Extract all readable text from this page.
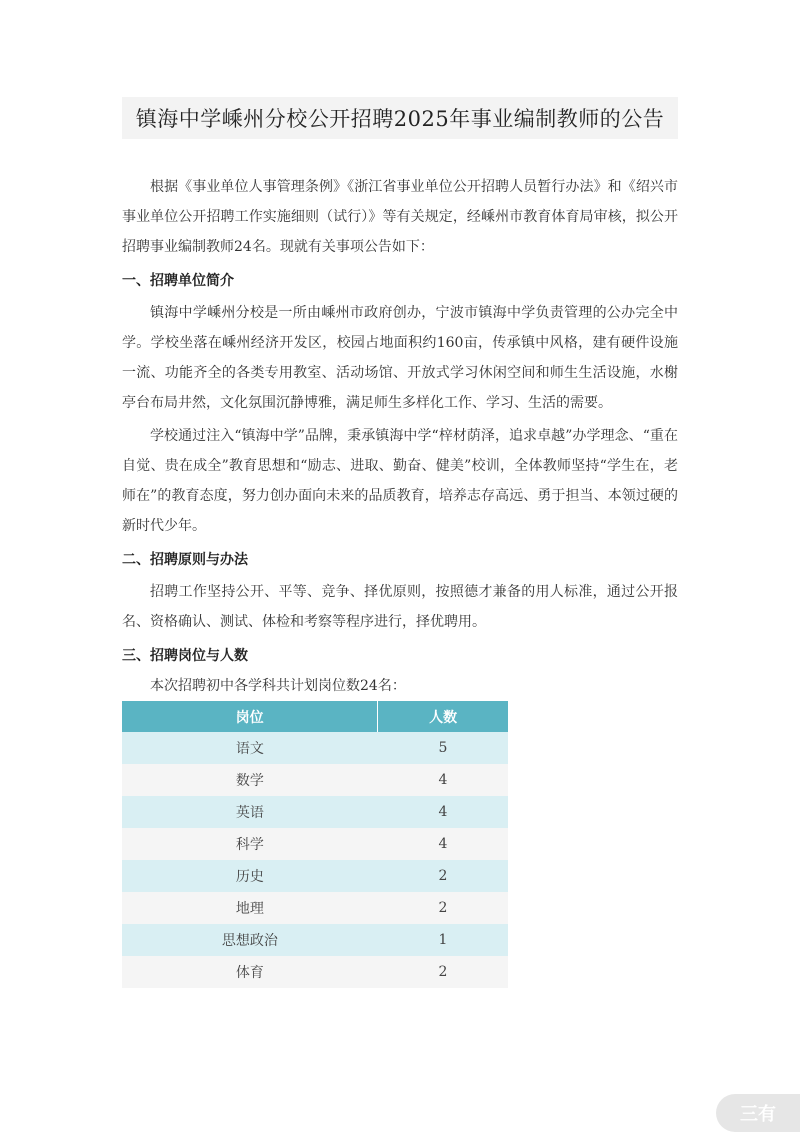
镇海中学嵊州分校公开招聘2025年事业编制教师的公告

根据《事业单位人事管理条例》《浙江省事业单位公开招聘人员暂行办法》和《绍兴市事业单位公开招聘工作实施细则（试行）》等有关规定，经嵊州市教育体育局审核，拟公开招聘事业编制教师24名。现就有关事项公告如下：

一、招聘单位简介

镇海中学嵊州分校是一所由嵊州市政府创办，宁波市镇海中学负责管理的公办完全中学。学校坐落在嵊州经济开发区，校园占地面积约160亩，传承镇中风格，建有硬件设施一流、功能齐全的各类专用教室、活动场馆、开放式学习休闲空间和师生生活设施，水榭亭台布局井然，文化氛围沉静博雅，满足师生多样化工作、学习、生活的需要。

学校通过注入“镇海中学”品牌，秉承镇海中学“梓材荫泽，追求卓越”办学理念、“重在自觉、贵在成全”教育思想和“励志、进取、勤奋、健美”校训，全体教师坚持“学生在，老师在”的教育态度，努力创办面向未来的品质教育，培养志存高远、勇于担当、本领过硬的新时代少年。

二、招聘原则与办法

招聘工作坚持公开、平等、竞争、择优原则，按照德才兼备的用人标准，通过公开报名、资格确认、测试、体检和考察等程序进行，择优聘用。

三、招聘岗位与人数

本次招聘初中各学科共计划岗位数24名：

岗位	人数
语文	5
数学	4
英语	4
科学	4
历史	2
地理	2
思想政治	1
体育	2
三有
